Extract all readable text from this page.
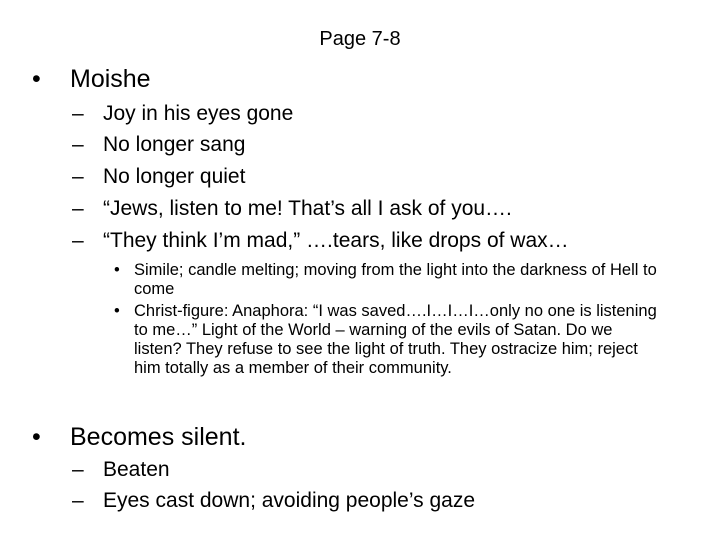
Page 7-8
• Moishe
– Joy in his eyes gone
– No longer sang
– No longer quiet
– “Jews, listen to me! That’s all I ask of you….
– “They think I’m mad,” ….tears, like drops of wax…
• Simile; candle melting; moving from the light into the darkness of Hell to come
• Christ-figure: Anaphora: “I was saved….I…I…I…only no one is listening to me…” Light of the World – warning of the evils of Satan. Do we listen? They refuse to see the light of truth. They ostracize him; reject him totally as a member of their community.
• Becomes silent.
– Beaten
– Eyes cast down; avoiding people’s gaze
